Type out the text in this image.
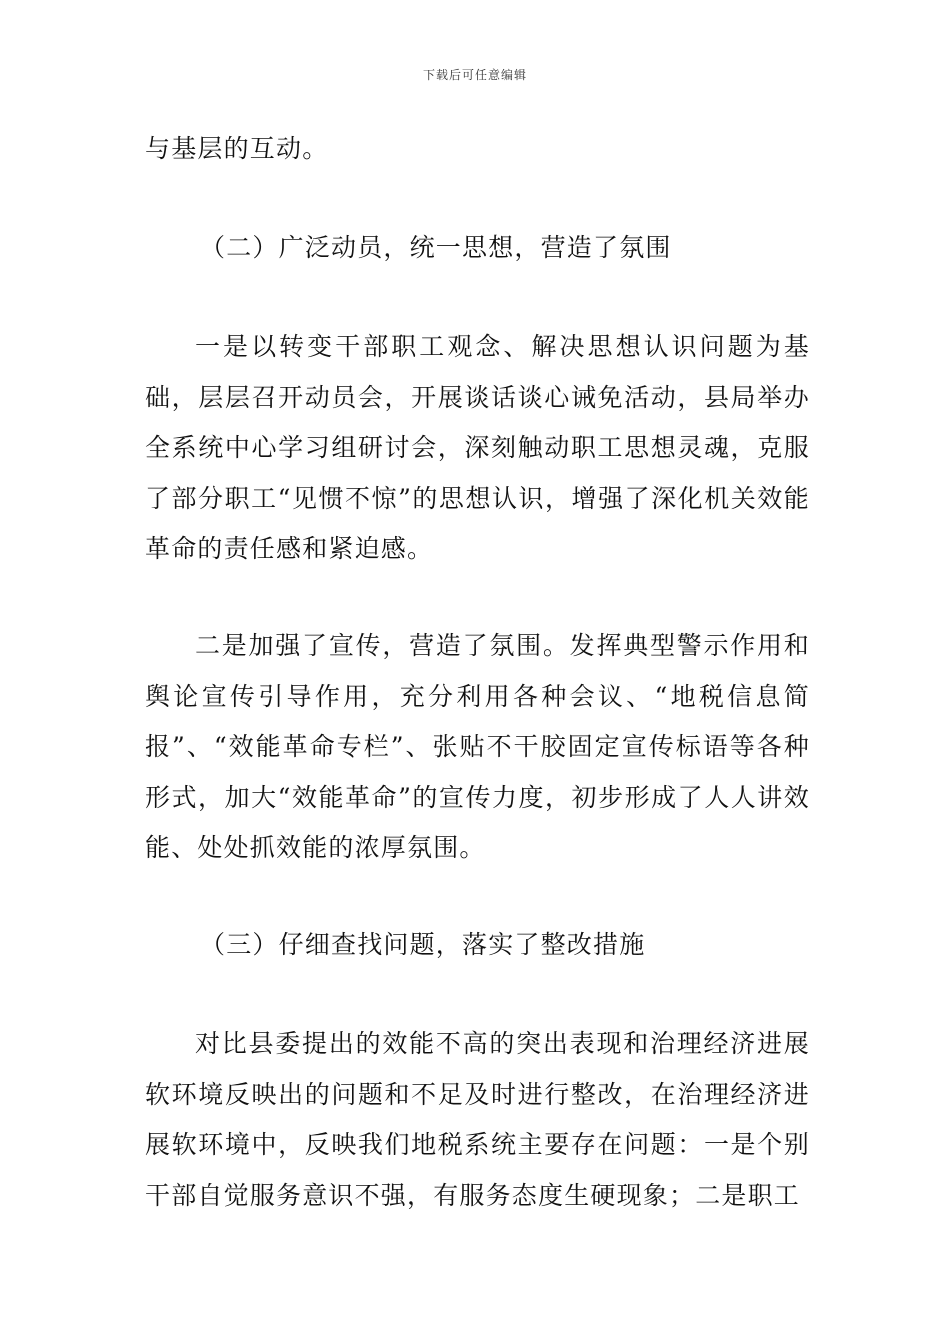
下载后可任意编辑

与基层的互动。

（二）广泛动员，统一思想，营造了氛围

一是以转变干部职工观念、解决思想认识问题为基础，层层召开动员会，开展谈话谈心诫免活动，县局举办全系统中心学习组研讨会，深刻触动职工思想灵魂，克服了部分职工“见惯不惊”的思想认识，增强了深化机关效能革命的责任感和紧迫感。

二是加强了宣传，营造了氛围。发挥典型警示作用和舆论宣传引导作用，充分利用各种会议、“地税信息简报”、“效能革命专栏”、张贴不干胶固定宣传标语等各种形式，加大“效能革命”的宣传力度，初步形成了人人讲效能、处处抓效能的浓厚氛围。

（三）仔细查找问题，落实了整改措施

对比县委提出的效能不高的突出表现和治理经济进展软环境反映出的问题和不足及时进行整改，在治理经济进展软环境中，反映我们地税系统主要存在问题：一是个别干部自觉服务意识不强，有服务态度生硬现象；二是职工
